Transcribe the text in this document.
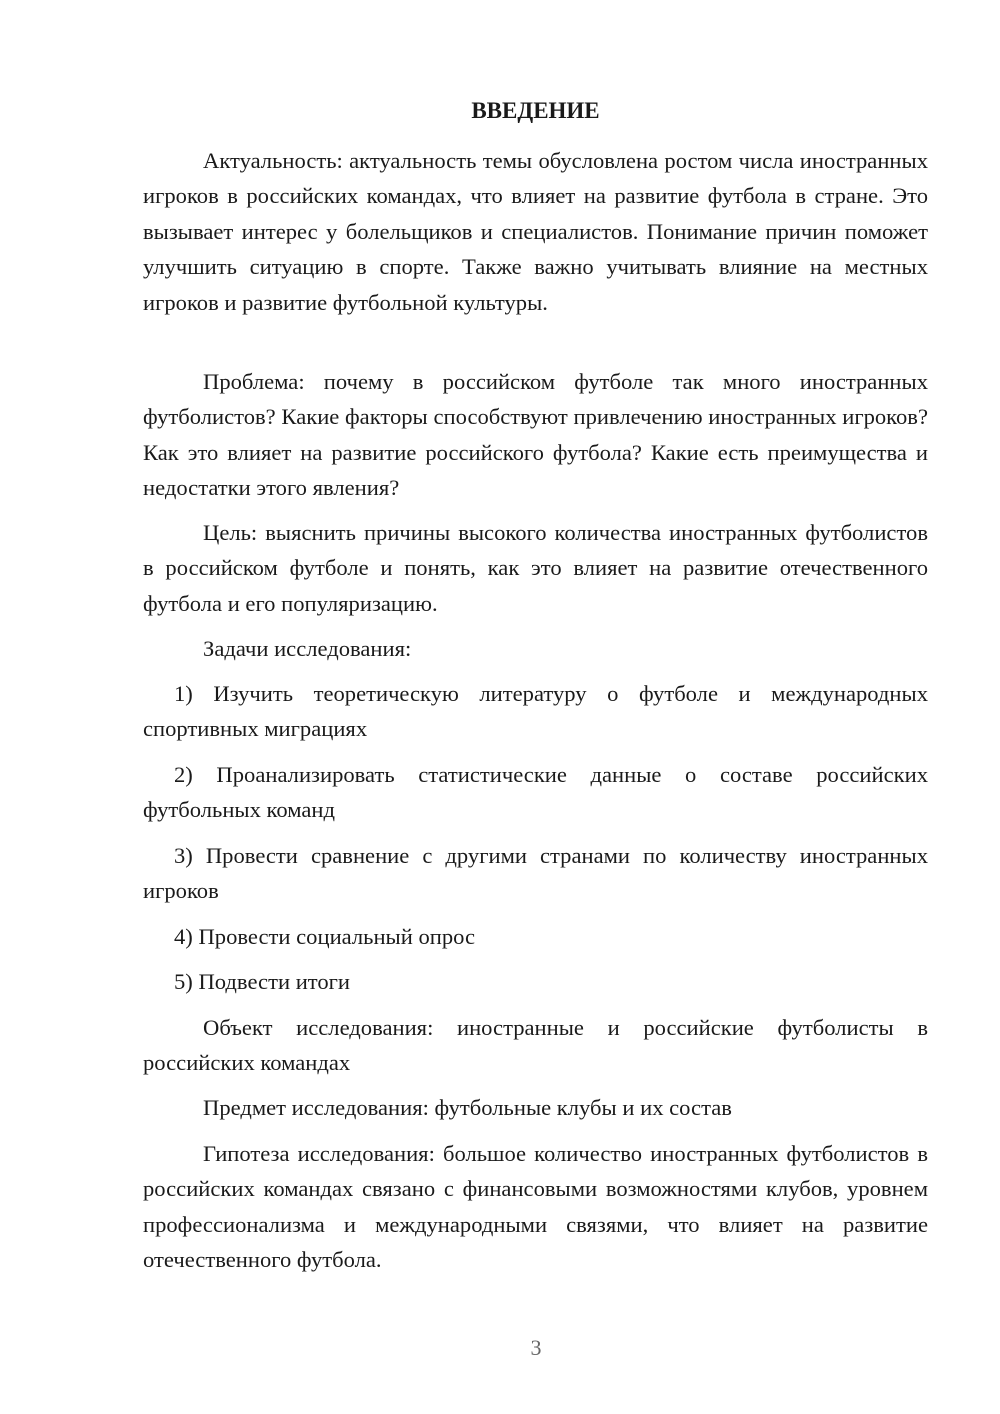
ВВЕДЕНИЕ

Актуальность: актуальность темы обусловлена ростом числа иностранных игроков в российских командах, что влияет на развитие футбола в стране. Это вызывает интерес у болельщиков и специалистов. Понимание причин поможет улучшить ситуацию в спорте. Также важно учитывать влияние на местных игроков и развитие футбольной культуры.

Проблема: почему в российском футболе так много иностранных футболистов? Какие факторы способствуют привлечению иностранных игроков? Как это влияет на развитие российского футбола? Какие есть преимущества и недостатки этого явления?

Цель: выяснить причины высокого количества иностранных футболистов в российском футболе и понять, как это влияет на развитие отечественного футбола и его популяризацию.

Задачи исследования:

1) Изучить теоретическую литературу о футболе и международных спортивных миграциях

2) Проанализировать статистические данные о составе российских футбольных команд

3) Провести сравнение с другими странами по количеству иностранных игроков

4) Провести социальный опрос

5) Подвести итоги

Объект исследования: иностранные и российские футболисты в российских командах

Предмет исследования: футбольные клубы и их состав

Гипотеза исследования: большое количество иностранных футболистов в российских командах связано с финансовыми возможностями клубов, уровнем профессионализма и международными связями, что влияет на развитие отечественного футбола.

3
